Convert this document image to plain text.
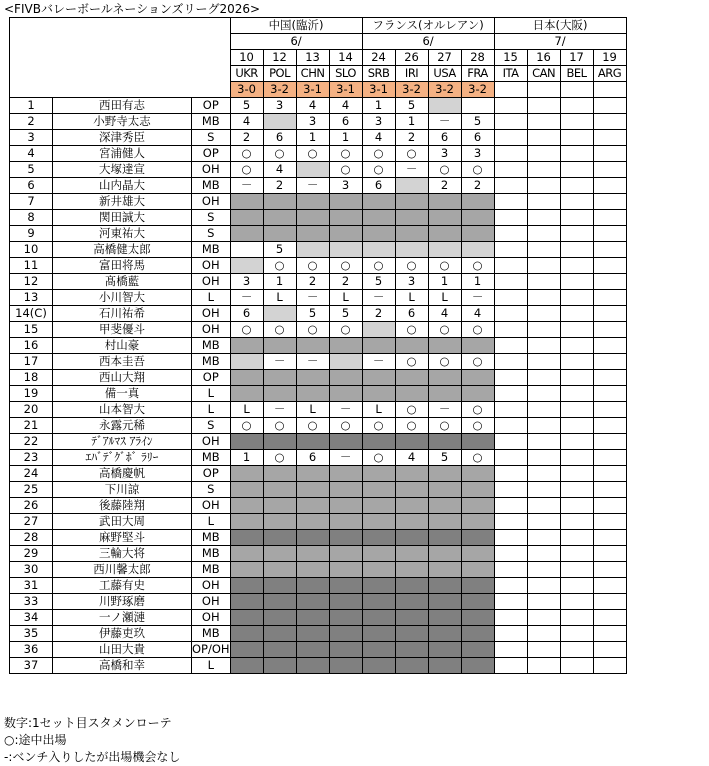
<FIVBバレーボールネーションズリーグ2026>
			中国(臨沂)				フランス(オルレアン)				日本(大阪)			
			6/				6/				7/			
			10	12	13	14	24	26	27	28	15	16	17	19
			UKR	POL	CHN	SLO	SRB	IRI	USA	FRA	ITA	CAN	BEL	ARG
			3-0	3-2	3-1	3-1	3-1	3-2	3-2	3-2				
1	西田有志	OP	5	3	4	4	1	5						
2	小野寺太志	MB	4		3	6	3	1	－	5				
3	深津秀臣	S	2	6	1	1	4	2	6	6				
4	宮浦健人	OP	○	○	○	○	○	○	3	3				
5	大塚達宣	OH	○	4		○	○	－	○	○				
6	山内晶大	MB	－	2	－	3	6		2	2				
7	新井雄大	OH												
8	関田誠大	S												
9	河東祐大	S												
10	高橋健太郎	MB		5										
11	富田将馬	OH		○	○	○	○	○	○	○				
12	髙橋藍	OH	3	1	2	2	5	3	1	1				
13	小川智大	L	－	L	－	L	－	L	L	－				
14(C)	石川祐希	OH	6		5	5	2	6	4	4				
15	甲斐優斗	OH	○	○	○	○		○	○	○				
16	村山豪	MB												
17	西本圭吾	MB		－	－		－	○	○	○				
18	西山大翔	OP												
19	備一真	L												
20	山本智大	L	L	－	L	－	L	○	－	○				
21	永露元稀	S	○	○	○	○	○	○	○	○				
22	ﾃﾞｱﾙﾏｽ ｱﾗｲﾝ	OH												
23	ｴﾊﾞﾃﾞｸﾞﾎﾞ ﾗﾘｰ	MB	1	○	6	－	○	4	5	○				
24	高橋慶帆	OP												
25	下川諒	S												
26	後藤陸翔	OH												
27	武田大周	L												
28	麻野堅斗	MB												
29	三輪大将	MB												
30	西川馨太郎	MB												
31	工藤有史	OH												
33	川野琢磨	OH												
34	一ノ瀬漣	OH												
35	伊藤吏玖	MB												
36	山田大貴	OP/OH												
37	高橋和幸	L												
数字:1セット目スタメンローテ
○:途中出場
-:ベンチ入りしたが出場機会なし
